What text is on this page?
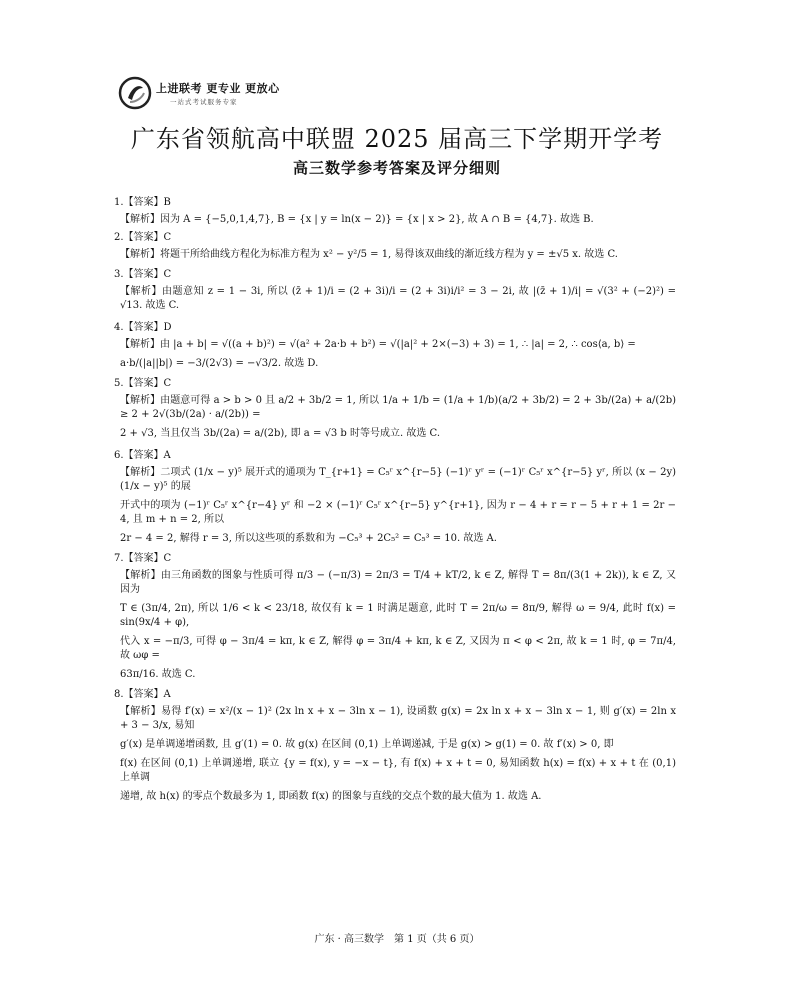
上进联考 更专业 更放心
一站式考试服务专家
广东省领航高中联盟 2025 届高三下学期开学考
高三数学参考答案及评分细则
1.【答案】B
【解析】因为 A = {−5,0,1,4,7}, B = {x | y = ln(x − 2)} = {x | x > 2}, 故 A ∩ B = {4,7}. 故选 B.
2.【答案】C
【解析】将题干所给曲线方程化为标准方程为 x² − y²/5 = 1, 易得该双曲线的渐近线方程为 y = ±√5 x. 故选 C.
3.【答案】C
【解析】由题意知 z = 1 − 3i, 所以 (z̄ + 1)/i = (2 + 3i)/i = (2 + 3i)i/i² = 3 − 2i, 故 |(z̄ + 1)/i| = √(3² + (−2)²) = √13. 故选 C.
4.【答案】D
【解析】由 |a + b| = √((a + b)²) = √(a² + 2a·b + b²) = √(|a|² + 2×(−3) + 3) = 1, ∴ |a| = 2, ∴ cos⟨a, b⟩ =
a·b/(|a||b|) = −3/(2√3) = −√3/2. 故选 D.
5.【答案】C
【解析】由题意可得 a > b > 0 且 a/2 + 3b/2 = 1, 所以 1/a + 1/b = (1/a + 1/b)(a/2 + 3b/2) = 2 + 3b/(2a) + a/(2b) ≥ 2 + 2√(3b/(2a) · a/(2b)) =
2 + √3, 当且仅当 3b/(2a) = a/(2b), 即 a = √3 b 时等号成立. 故选 C.
6.【答案】A
【解析】二项式 (1/x − y)⁵ 展开式的通项为 T_{r+1} = C₅ʳ x^{r−5} (−1)ʳ yʳ = (−1)ʳ C₅ʳ x^{r−5} yʳ, 所以 (x − 2y)(1/x − y)⁵ 的展
开式中的项为 (−1)ʳ C₅ʳ x^{r−4} yʳ 和 −2 × (−1)ʳ C₅ʳ x^{r−5} y^{r+1}, 因为 r − 4 + r = r − 5 + r + 1 = 2r − 4, 且 m + n = 2, 所以
2r − 4 = 2, 解得 r = 3, 所以这些项的系数和为 −C₅³ + 2C₅² = C₅³ = 10. 故选 A.
7.【答案】C
【解析】由三角函数的图象与性质可得 π/3 − (−π/3) = 2π/3 = T/4 + kT/2, k ∈ Z, 解得 T = 8π/(3(1 + 2k)), k ∈ Z, 又因为
T ∈ (3π/4, 2π), 所以 1/6 < k < 23/18, 故仅有 k = 1 时满足题意, 此时 T = 2π/ω = 8π/9, 解得 ω = 9/4, 此时 f(x) = sin(9x/4 + φ),
代入 x = −π/3, 可得 φ − 3π/4 = kπ, k ∈ Z, 解得 φ = 3π/4 + kπ, k ∈ Z, 又因为 π < φ < 2π, 故 k = 1 时, φ = 7π/4, 故 ωφ =
63π/16. 故选 C.
8.【答案】A
【解析】易得 f′(x) = x²/(x − 1)² (2x ln x + x − 3ln x − 1), 设函数 g(x) = 2x ln x + x − 3ln x − 1, 则 g′(x) = 2ln x + 3 − 3/x, 易知
g′(x) 是单调递增函数, 且 g′(1) = 0. 故 g(x) 在区间 (0,1) 上单调递减, 于是 g(x) > g(1) = 0. 故 f′(x) > 0, 即
f(x) 在区间 (0,1) 上单调递增, 联立 {y = f(x), y = −x − t}, 有 f(x) + x + t = 0, 易知函数 h(x) = f(x) + x + t 在 (0,1) 上单调
递增, 故 h(x) 的零点个数最多为 1, 即函数 f(x) 的图象与直线的交点个数的最大值为 1. 故选 A.
广东 · 高三数学　第 1 页（共 6 页）
